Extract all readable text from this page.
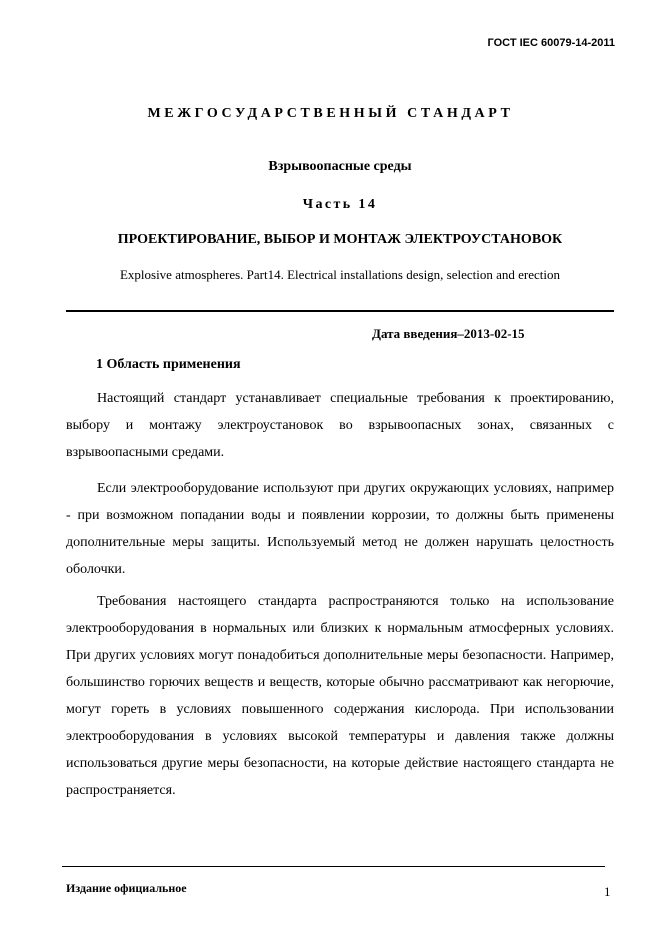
ГОСТ IEC 60079-14-2011
МЕЖГОСУДАРСТВЕННЫЙ СТАНДАРТ
Взрывоопасные среды
Часть 14
ПРОЕКТИРОВАНИЕ, ВЫБОР И МОНТАЖ ЭЛЕКТРОУСТАНОВОК
Explosive atmospheres. Part14. Electrical installations design, selection and erection
Дата введения–2013-02-15
1 Область применения

Настоящий стандарт устанавливает специальные требования к проектированию, выбору и монтажу электроустановок во взрывоопасных зонах, связанных с взрывоопасными средами.

Если электрооборудование используют при других окружающих условиях, например - при возможном попадании воды и появлении коррозии, то должны быть применены дополнительные меры защиты. Используемый метод не должен нарушать целостность оболочки.

Требования настоящего стандарта распространяются только на использование электрооборудования в нормальных или близких к нормальным атмосферных условиях. При других условиях могут понадобиться дополнительные меры безопасности. Например, большинство горючих веществ и веществ, которые обычно рассматривают как негорючие, могут гореть в условиях повышенного содержания кислорода. При использовании электрооборудования в условиях высокой температуры и давления также должны использоваться другие меры безопасности, на которые действие настоящего стандарта не распространяется.

Издание официальное	1
